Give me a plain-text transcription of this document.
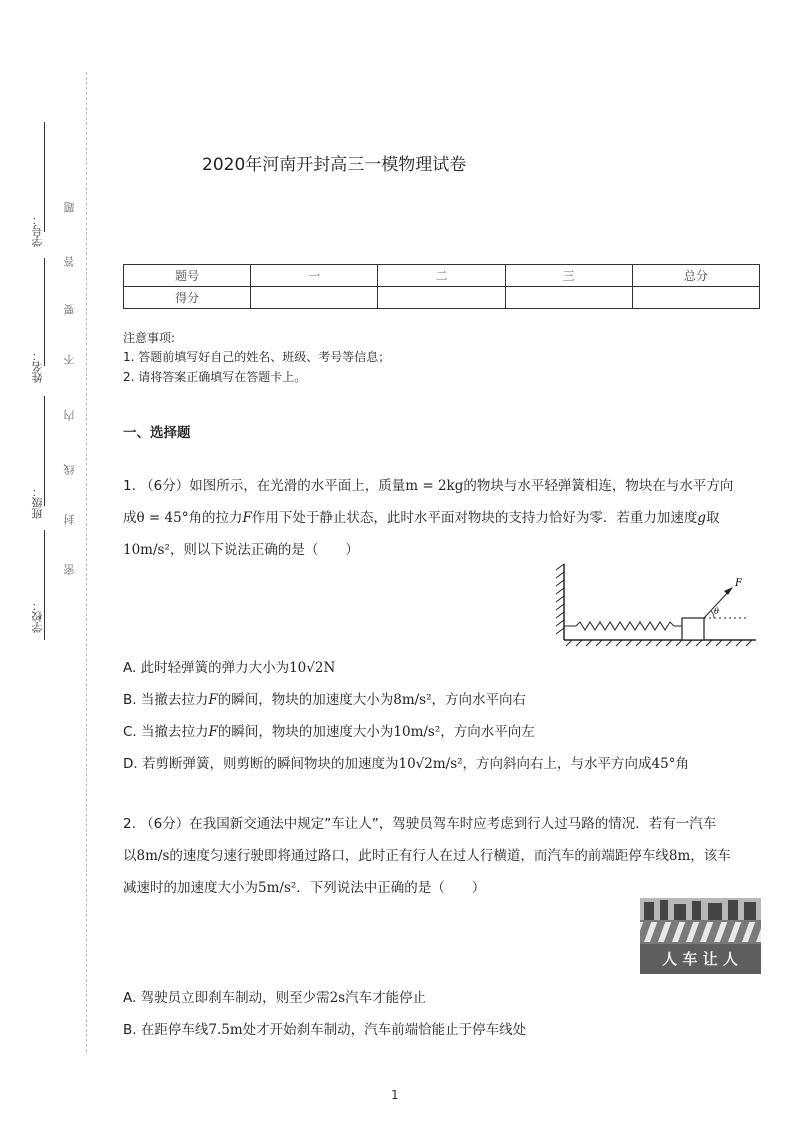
学号：
姓名：
班级：
学校：
题
答
要
不
内
线
封
密
2020年河南开封高三一模物理试卷
题号	一	二	三	总分
得分				
注意事项:
1. 答题前填写好自己的姓名、班级、考号等信息；
2. 请将答案正确填写在答题卡上。
一、选择题
1. （6分）如图所示，在光滑的水平面上，质量m = 2kg的物块与水平轻弹簧相连，物块在与水平方向
成θ = 45°角的拉力F作用下处于静止状态，此时水平面对物块的支持力恰好为零．若重力加速度g取
10m/s²，则以下说法正确的是（　　）
F
θ
A. 此时轻弹簧的弹力大小为10√2N
B. 当撤去拉力F的瞬间，物块的加速度大小为8m/s²，方向水平向右
C. 当撤去拉力F的瞬间，物块的加速度大小为10m/s²，方向水平向左
D. 若剪断弹簧，则剪断的瞬间物块的加速度为10√2m/s²，方向斜向右上，与水平方向成45°角
2. （6分）在我国新交通法中规定”车让人”，驾驶员驾车时应考虑到行人过马路的情况．若有一汽车
以8m/s的速度匀速行驶即将通过路口，此时正有行人在过人行横道，而汽车的前端距停车线8m，该车
减速时的加速度大小为5m/s²．下列说法中正确的是（　　）
人 车 让 人
A. 驾驶员立即刹车制动，则至少需2s汽车才能停止
B. 在距停车线7.5m处才开始刹车制动，汽车前端恰能止于停车线处
1
